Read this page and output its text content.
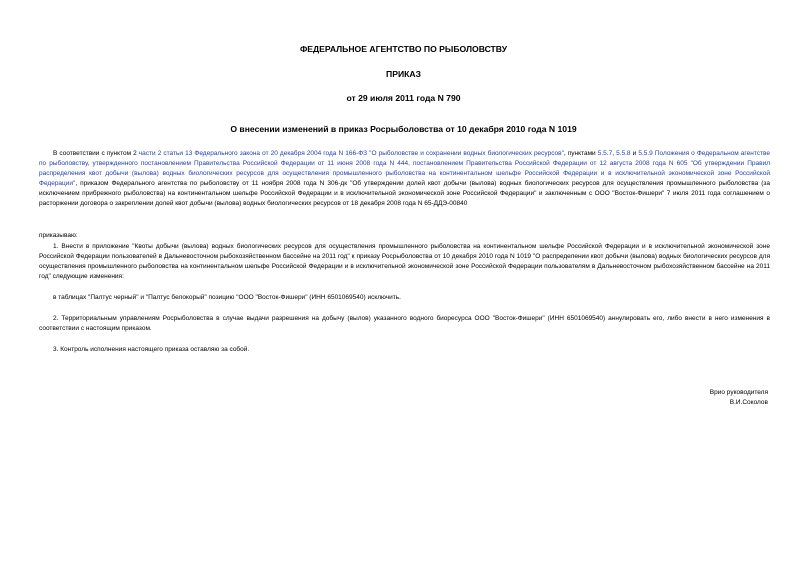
ФЕДЕРАЛЬНОЕ АГЕНТСТВО ПО РЫБОЛОВСТВУ
ПРИКАЗ
от 29 июля 2011 года N 790
О внесении изменений в приказ Росрыболовства от 10 декабря 2010 года N 1019

В соответствии с пунктом 2 части 2 статьи 13 Федерального закона от 20 декабря 2004 года N 166-ФЗ "О рыболовстве и сохранении водных биологических ресурсов", пунктами 5.5.7, 5.5.8 и 5.5.9 Положения о Федеральном агентстве по рыболовству, утвержденного постановлением Правительства Российской Федерации от 11 июня 2008 года N 444, постановлением Правительства Российской Федерации от 12 августа 2008 года N 605 "Об утверждении Правил распределения квот добычи (вылова) водных биологических ресурсов для осуществления промышленного рыболовства на континентальном шельфе Российской Федерации и в исключительной экономической зоне Российской Федерации", приказом Федерального агентства по рыболовству от 11 ноября 2008 года N 306-дк "Об утверждении долей квот добычи (вылова) водных биологических ресурсов для осуществления промышленного рыболовства (за исключением прибрежного рыболовства) на континентальном шельфе Российской Федерации и в исключительной экономической зоне Российской Федерации" и заключенным с ООО "Восток-Фишери" 7 июля 2011 года соглашением о расторжении договора о закреплении долей квот добычи (вылова) водных биологических ресурсов от 18 декабря 2008 года N 65-ДДЭ-00840

приказываю:

1. Внести в приложение "Квоты добычи (вылова) водных биологических ресурсов для осуществления промышленного рыболовства на континентальном шельфе Российской Федерации и в исключительной экономической зоне Российской Федерации пользователей в Дальневосточном рыбохозяйственном бассейне на 2011 год" к приказу Росрыболовства от 10 декабря 2010 года N 1019 "О распределении квот добычи (вылова) водных биологических ресурсов для осуществления промышленного рыболовства на континентальном шельфе Российской Федерации и в исключительной экономической зоне Российской Федерации пользователям в Дальневосточном рыбохозяйственном бассейне на 2011 год" следующие изменения:

в таблицах "Палтус черный" и "Палтус белокорый" позицию "ООО "Восток-Фишери" (ИНН 6501069540) исключить.

2. Территориальным управлениям Росрыболовства в случае выдачи разрешения на добычу (вылов) указанного водного биоресурса ООО "Восток-Фишери" (ИНН 6501069540) аннулировать его, либо внести в него изменения в соответствии с настоящим приказом.

3. Контроль исполнения настоящего приказа оставляю за собой.

Врио руководителя
В.И.Соколов
